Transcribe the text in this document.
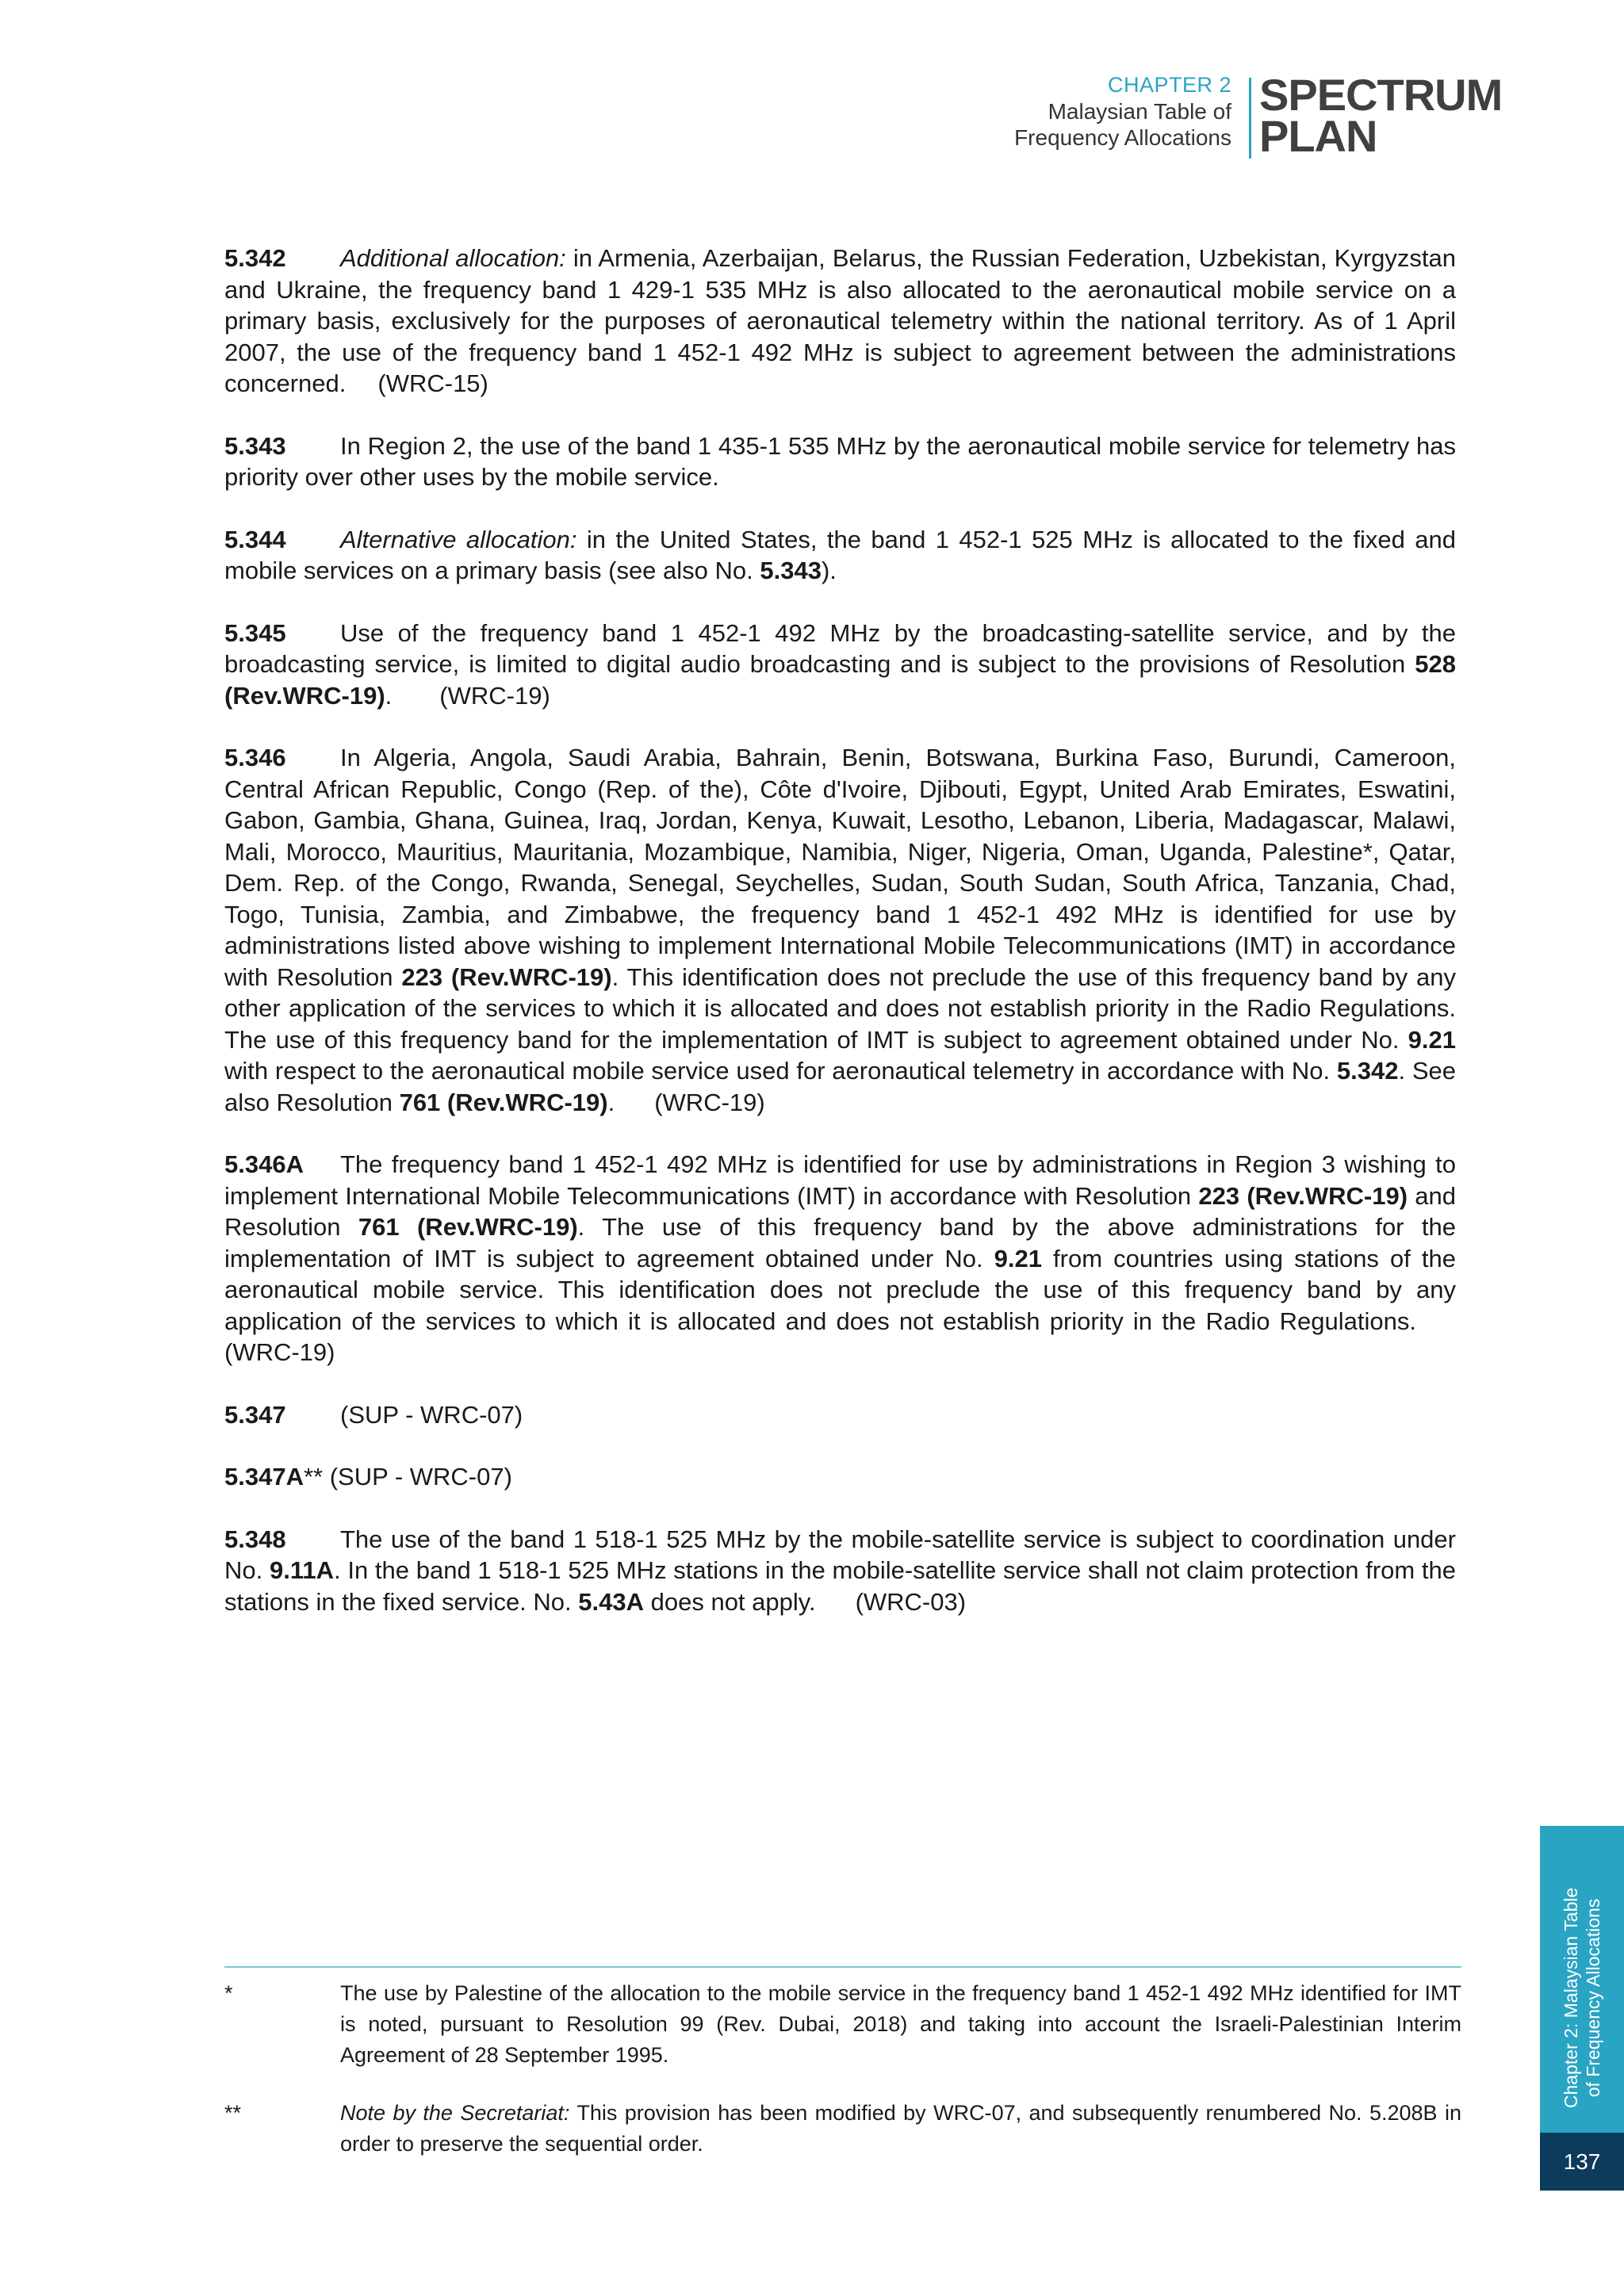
CHAPTER 2
Malaysian Table of
Frequency Allocations
SPECTRUM
PLAN

5.342 Additional allocation: in Armenia, Azerbaijan, Belarus, the Russian Federation, Uzbekistan, Kyrgyzstan and Ukraine, the frequency band 1 429-1 535 MHz is also allocated to the aeronautical mobile service on a primary basis, exclusively for the purposes of aeronautical telemetry within the national territory. As of 1 April 2007, the use of the frequency band 1 452-1 492 MHz is subject to agreement between the administrations concerned. (WRC-15)

5.343 In Region 2, the use of the band 1 435-1 535 MHz by the aeronautical mobile service for telemetry has priority over other uses by the mobile service.

5.344 Alternative allocation: in the United States, the band 1 452-1 525 MHz is allocated to the fixed and mobile services on a primary basis (see also No. 5.343).

5.345 Use of the frequency band 1 452-1 492 MHz by the broadcasting-satellite service, and by the broadcasting service, is limited to digital audio broadcasting and is subject to the provisions of Resolution 528 (Rev.WRC-19). (WRC-19)

5.346 In Algeria, Angola, Saudi Arabia, Bahrain, Benin, Botswana, Burkina Faso, Burundi, Cameroon, Central African Republic, Congo (Rep. of the), Côte d'Ivoire, Djibouti, Egypt, United Arab Emirates, Eswatini, Gabon, Gambia, Ghana, Guinea, Iraq, Jordan, Kenya, Kuwait, Lesotho, Lebanon, Liberia, Madagascar, Malawi, Mali, Morocco, Mauritius, Mauritania, Mozambique, Namibia, Niger, Nigeria, Oman, Uganda, Palestine*, Qatar, Dem. Rep. of the Congo, Rwanda, Senegal, Seychelles, Sudan, South Sudan, South Africa, Tanzania, Chad, Togo, Tunisia, Zambia, and Zimbabwe, the frequency band 1 452-1 492 MHz is identified for use by administrations listed above wishing to implement International Mobile Telecommunications (IMT) in accordance with Resolution 223 (Rev.WRC-19). This identification does not preclude the use of this frequency band by any other application of the services to which it is allocated and does not establish priority in the Radio Regulations. The use of this frequency band for the implementation of IMT is subject to agreement obtained under No. 9.21 with respect to the aeronautical mobile service used for aeronautical telemetry in accordance with No. 5.342. See also Resolution 761 (Rev.WRC-19). (WRC-19)

5.346A The frequency band 1 452-1 492 MHz is identified for use by administrations in Region 3 wishing to implement International Mobile Telecommunications (IMT) in accordance with Resolution 223 (Rev.WRC-19) and Resolution 761 (Rev.WRC-19). The use of this frequency band by the above administrations for the implementation of IMT is subject to agreement obtained under No. 9.21 from countries using stations of the aeronautical mobile service. This identification does not preclude the use of this frequency band by any application of the services to which it is allocated and does not establish priority in the Radio Regulations.(WRC-19)

5.347 (SUP - WRC-07)

5.347A** (SUP - WRC-07)

5.348 The use of the band 1 518-1 525 MHz by the mobile-satellite service is subject to coordination under No. 9.11A. In the band 1 518-1 525 MHz stations in the mobile-satellite service shall not claim protection from the stations in the fixed service. No. 5.43A does not apply. (WRC-03)

*	The use by Palestine of the allocation to the mobile service in the frequency band 1 452-1 492 MHz identified for IMT is noted, pursuant to Resolution 99 (Rev. Dubai, 2018) and taking into account the Israeli-Palestinian Interim Agreement of 28 September 1995.
**	Note by the Secretariat: This provision has been modified by WRC-07, and subsequently renumbered No. 5.208B in order to preserve the sequential order.
Chapter 2: Malaysian Table of Frequency Allocations
137
